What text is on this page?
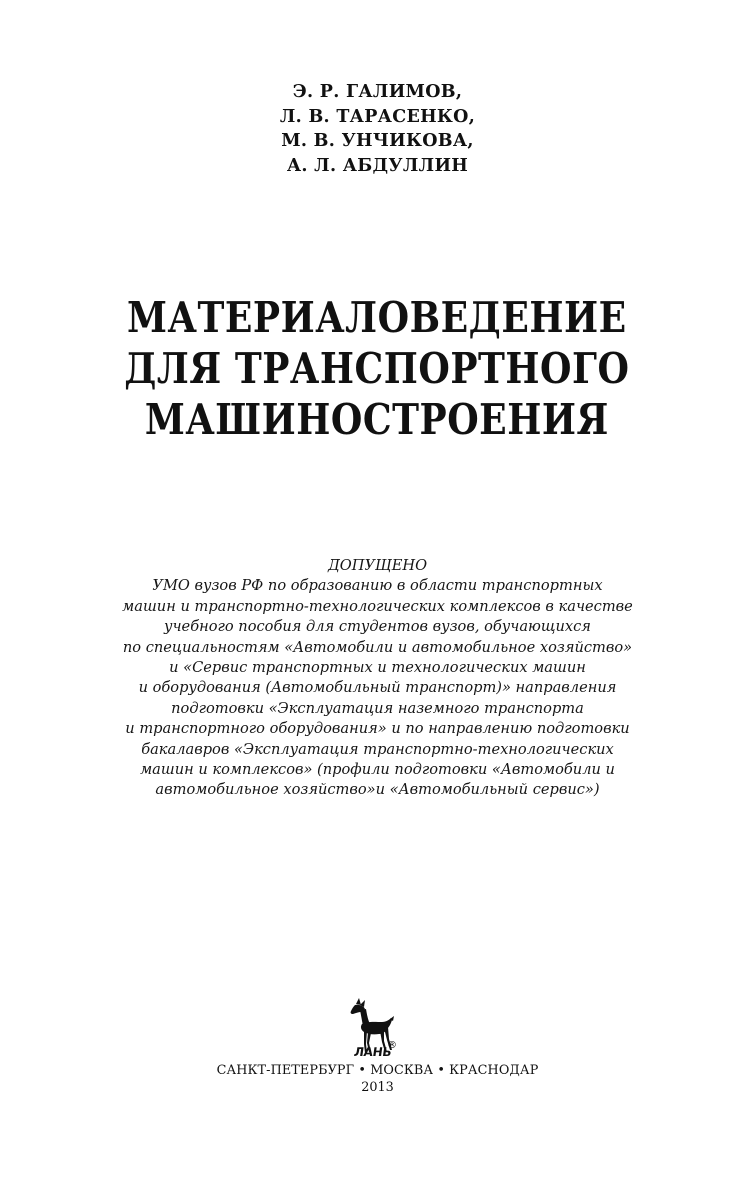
Э. Р. ГАЛИМОВ,
Л. В. ТАРАСЕНКО,
М. В. УНЧИКОВА,
А. Л. АБДУЛЛИН
МАТЕРИАЛОВЕДЕНИЕ
ДЛЯ ТРАНСПОРТНОГО
МАШИНОСТРОЕНИЯ
ДОПУЩЕНО
УМО вузов РФ по образованию в области транспортных
машин и транспортно-технологических комплексов в качестве
учебного пособия для студентов вузов, обучающихся
по специальностям «Автомобили и автомобильное хозяйство»
и «Сервис транспортных и технологических машин
и оборудования (Автомобильный транспорт)» направления
подготовки «Эксплуатация наземного транспорта
и транспортного оборудования» и по направлению подготовки
бакалавров «Эксплуатация транспортно-технологических
машин и комплексов» (профили подготовки «Автомобили и
автомобильное хозяйство»и «Автомобильный сервис»)
ЛАНЬ
®
САНКТ-ПЕТЕРБУРГ • МОСКВА • КРАСНОДАР
2013
